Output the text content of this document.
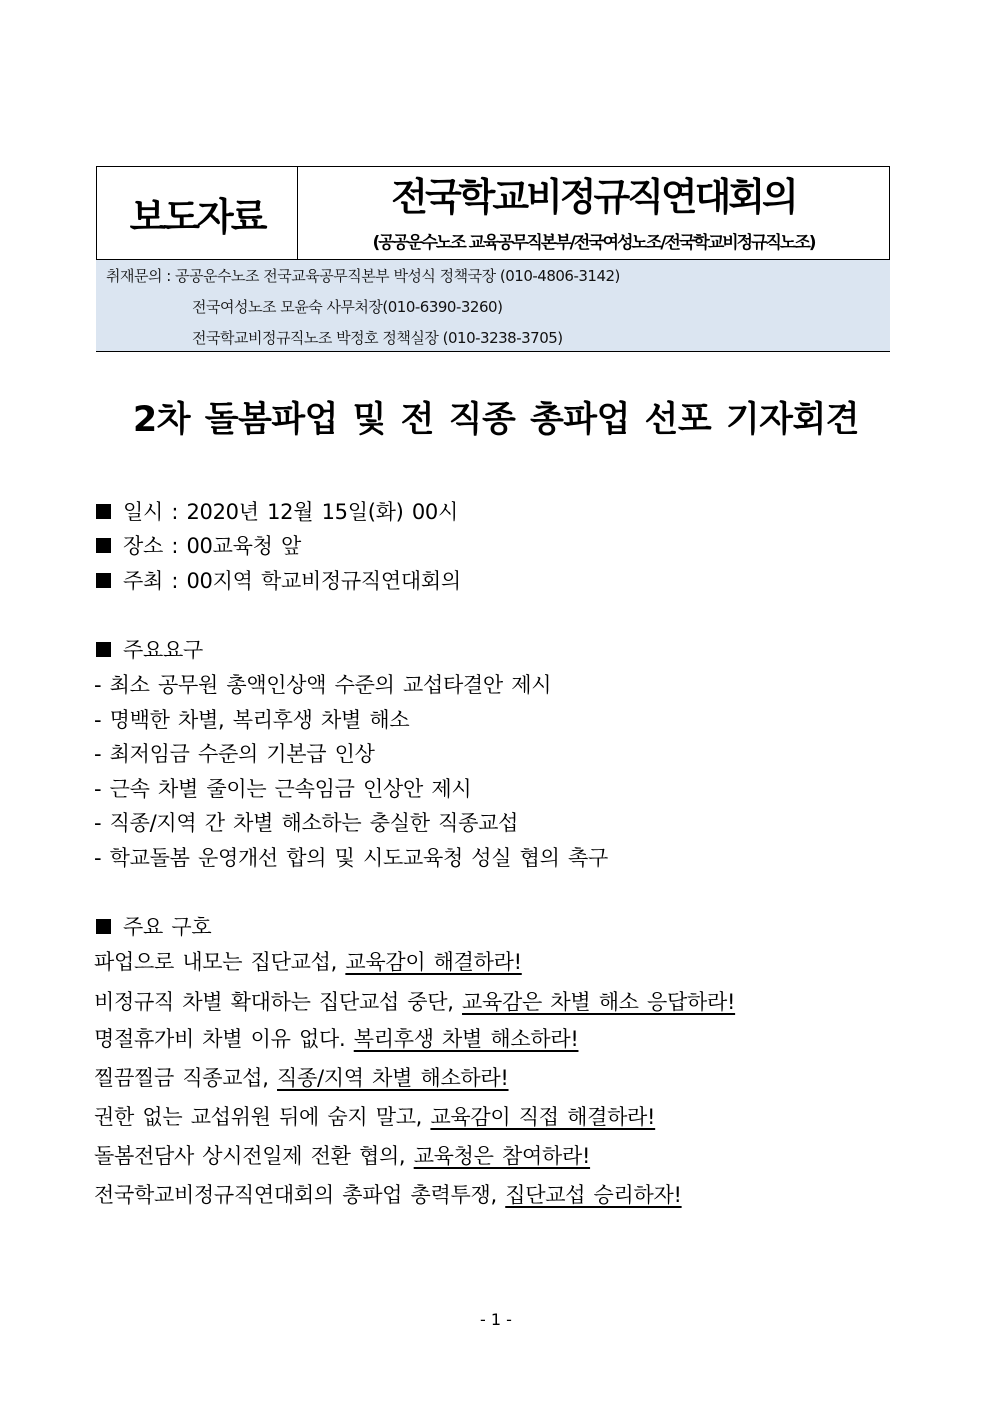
보도자료	전국학교비정규직연대회의
(공공운수노조 교육공무직본부/전국여성노조/전국학교비정규직노조)
취재문의 : 공공운수노조 전국교육공무직본부 박성식 정책국장 (010-4806-3142)
전국여성노조 모윤숙 사무처장(010-6390-3260)
전국학교비정규직노조 박정호 정책실장 (010-3238-3705)
2차 돌봄파업 및 전 직종 총파업 선포 기자회견
일시 : 2020년 12월 15일(화) 00시
장소 : 00교육청 앞
주최 : 00지역 학교비정규직연대회의
주요요구
- 최소 공무원 총액인상액 수준의 교섭타결안 제시
- 명백한 차별, 복리후생 차별 해소
- 최저임금 수준의 기본급 인상
- 근속 차별 줄이는 근속임금 인상안 제시
- 직종/지역 간 차별 해소하는 충실한 직종교섭
- 학교돌봄 운영개선 합의 및 시도교육청 성실 협의 촉구
주요 구호
파업으로 내모는 집단교섭, 교육감이 해결하라!
비정규직 차별 확대하는 집단교섭 중단, 교육감은 차별 해소 응답하라!
명절휴가비 차별 이유 없다. 복리후생 차별 해소하라!
찔끔찔금 직종교섭, 직종/지역 차별 해소하라!
권한 없는 교섭위원 뒤에 숨지 말고, 교육감이 직접 해결하라!
돌봄전담사 상시전일제 전환 협의, 교육청은 참여하라!
전국학교비정규직연대회의 총파업 총력투쟁, 집단교섭 승리하자!
- 1 -
